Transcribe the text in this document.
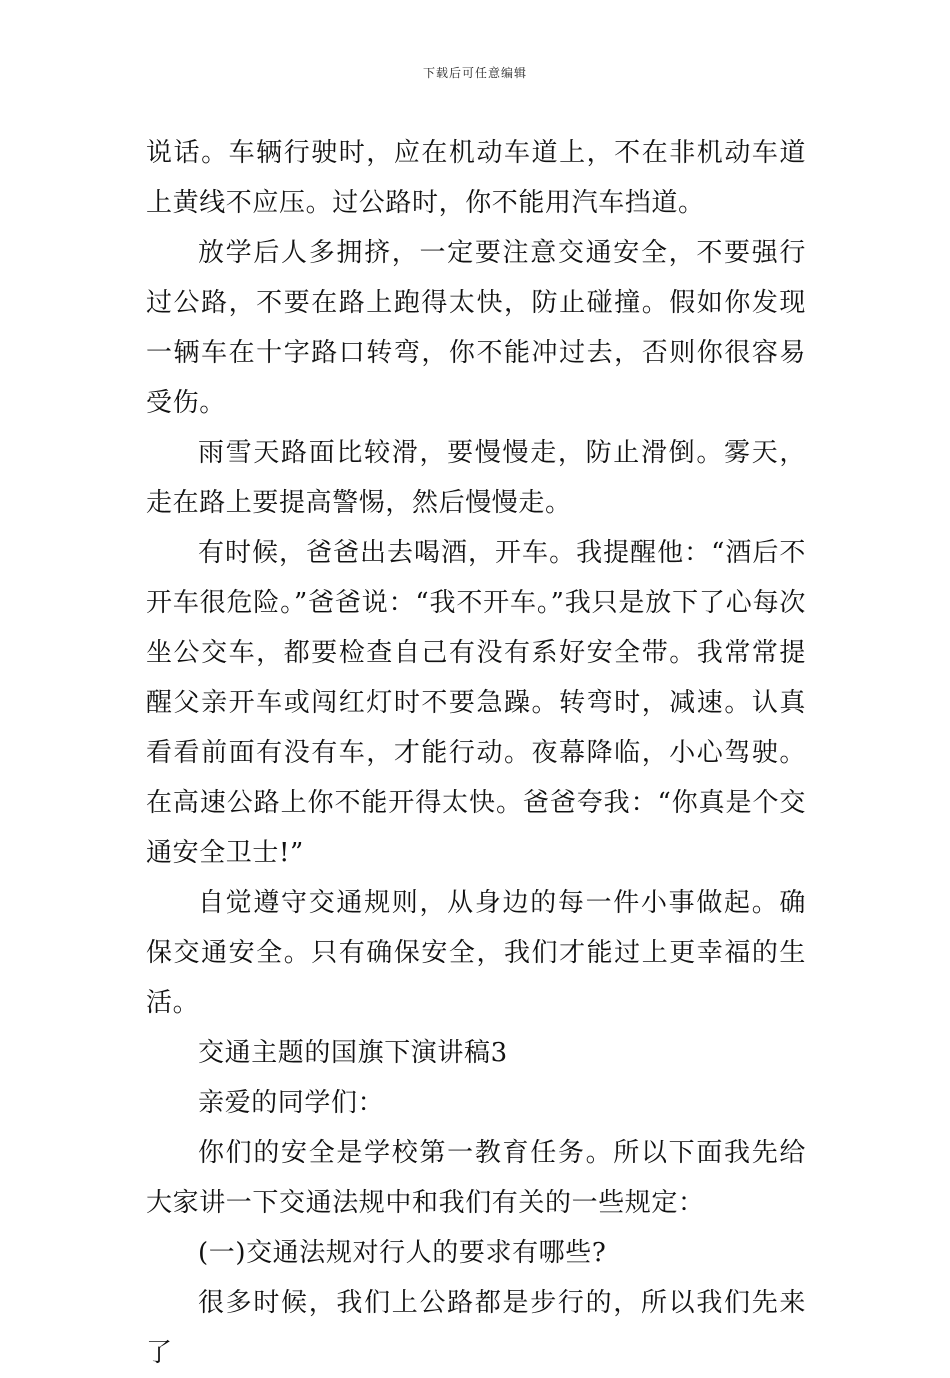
下载后可任意编辑

说话。车辆行驶时，应在机动车道上，不在非机动车道上黄线不应压。过公路时，你不能用汽车挡道。

放学后人多拥挤，一定要注意交通安全，不要强行过公路，不要在路上跑得太快，防止碰撞。假如你发现一辆车在十字路口转弯，你不能冲过去，否则你很容易受伤。

雨雪天路面比较滑，要慢慢走，防止滑倒。雾天，走在路上要提高警惕，然后慢慢走。

有时候，爸爸出去喝酒，开车。我提醒他：“酒后不开车很危险。”爸爸说：“我不开车。”我只是放下了心每次坐公交车，都要检查自己有没有系好安全带。我常常提醒父亲开车或闯红灯时不要急躁。转弯时，减速。认真看看前面有没有车，才能行动。夜幕降临，小心驾驶。在高速公路上你不能开得太快。爸爸夸我：“你真是个交通安全卫士!”

自觉遵守交通规则，从身边的每一件小事做起。确保交通安全。只有确保安全，我们才能过上更幸福的生活。

交通主题的国旗下演讲稿3

亲爱的同学们：

你们的安全是学校第一教育任务。所以下面我先给大家讲一下交通法规中和我们有关的一些规定：

(一)交通法规对行人的要求有哪些?

很多时候，我们上公路都是步行的，所以我们先来了
